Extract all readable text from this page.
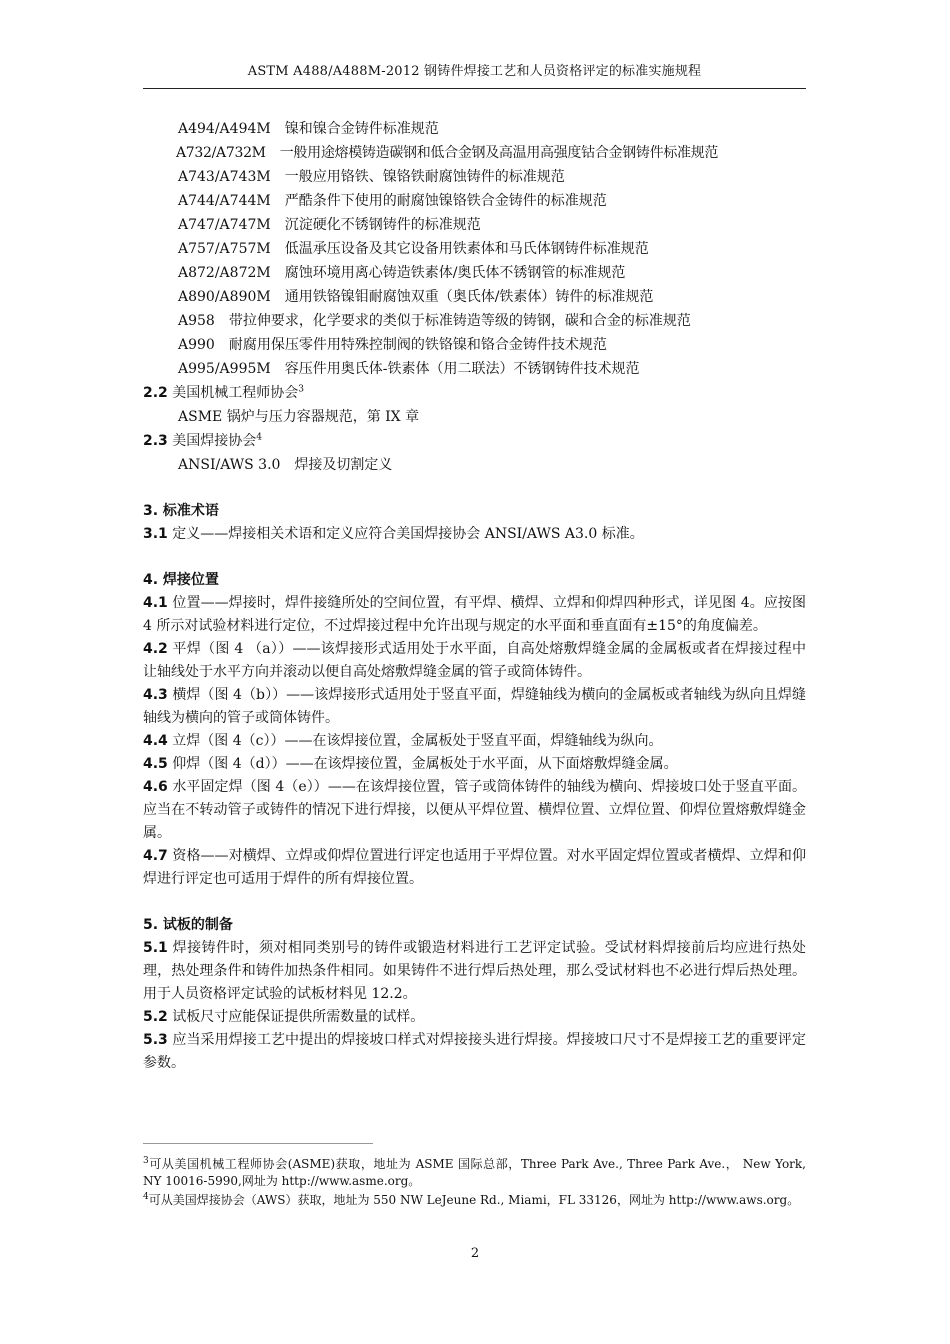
ASTM A488/A488M-2012 钢铸件焊接工艺和人员资格评定的标准实施规程
A494/A494M 镍和镍合金铸件标准规范
A732/A732M 一般用途熔模铸造碳钢和低合金钢及高温用高强度钴合金钢铸件标准规范
A743/A743M 一般应用铬铁、镍铬铁耐腐蚀铸件的标准规范
A744/A744M 严酷条件下使用的耐腐蚀镍铬铁合金铸件的标准规范
A747/A747M 沉淀硬化不锈钢铸件的标准规范
A757/A757M 低温承压设备及其它设备用铁素体和马氏体钢铸件标准规范
A872/A872M 腐蚀环境用离心铸造铁素体/奥氏体不锈钢管的标准规范
A890/A890M 通用铁铬镍钼耐腐蚀双重（奥氏体/铁素体）铸件的标准规范
A958 带拉伸要求，化学要求的类似于标准铸造等级的铸钢，碳和合金的标准规范
A990 耐腐用保压零件用特殊控制阀的铁铬镍和铬合金铸件技术规范
A995/A995M 容压件用奥氏体-铁素体（用二联法）不锈钢铸件技术规范
2.2 美国机械工程师协会$^3$
ASME 锅炉与压力容器规范，第 IX 章
2.3 美国焊接协会$^4$
ANSI/AWS 3.0 焊接及切割定义
3. 标准术语
3.1 定义——焊接相关术语和定义应符合美国焊接协会 ANSI/AWS A3.0 标准。
4. 焊接位置
4.1 位置——焊接时，焊件接缝所处的空间位置，有平焊、横焊、立焊和仰焊四种形式，详见图 4。应按图 4 所示对试验材料进行定位，不过焊接过程中允许出现与规定的水平面和垂直面有±15°的角度偏差。
4.2 平焊（图 4 （a））——该焊接形式适用处于水平面，自高处熔敷焊缝金属的金属板或者在焊接过程中让轴线处于水平方向并滚动以便自高处熔敷焊缝金属的管子或筒体铸件。
4.3 横焊（图 4（b））——该焊接形式适用处于竖直平面，焊缝轴线为横向的金属板或者轴线为纵向且焊缝轴线为横向的管子或筒体铸件。
4.4 立焊（图 4（c））——在该焊接位置，金属板处于竖直平面，焊缝轴线为纵向。
4.5 仰焊（图 4（d））——在该焊接位置，金属板处于水平面，从下面熔敷焊缝金属。
4.6 水平固定焊（图 4（e））——在该焊接位置，管子或筒体铸件的轴线为横向、焊接坡口处于竖直平面。应当在不转动管子或铸件的情况下进行焊接，以便从平焊位置、横焊位置、立焊位置、仰焊位置熔敷焊缝金属。
4.7 资格——对横焊、立焊或仰焊位置进行评定也适用于平焊位置。对水平固定焊位置或者横焊、立焊和仰焊进行评定也可适用于焊件的所有焊接位置。
5. 试板的制备
5.1 焊接铸件时，须对相同类别号的铸件或锻造材料进行工艺评定试验。受试材料焊接前后均应进行热处理，热处理条件和铸件加热条件相同。如果铸件不进行焊后热处理，那么受试材料也不必进行焊后热处理。用于人员资格评定试验的试板材料见 12.2。
5.2 试板尺寸应能保证提供所需数量的试样。
5.3 应当采用焊接工艺中提出的焊接坡口样式对焊接接头进行焊接。焊接坡口尺寸不是焊接工艺的重要评定参数。
$^3$可从美国机械工程师协会(ASME)获取，地址为 ASME 国际总部，Three Park Ave., Three Park Ave.， New York, NY 10016-5990,网址为 http://www.asme.org。
$^4$可从美国焊接协会（AWS）获取，地址为 550 NW LeJeune Rd., Miami，FL 33126，网址为 http://www.aws.org。
2
